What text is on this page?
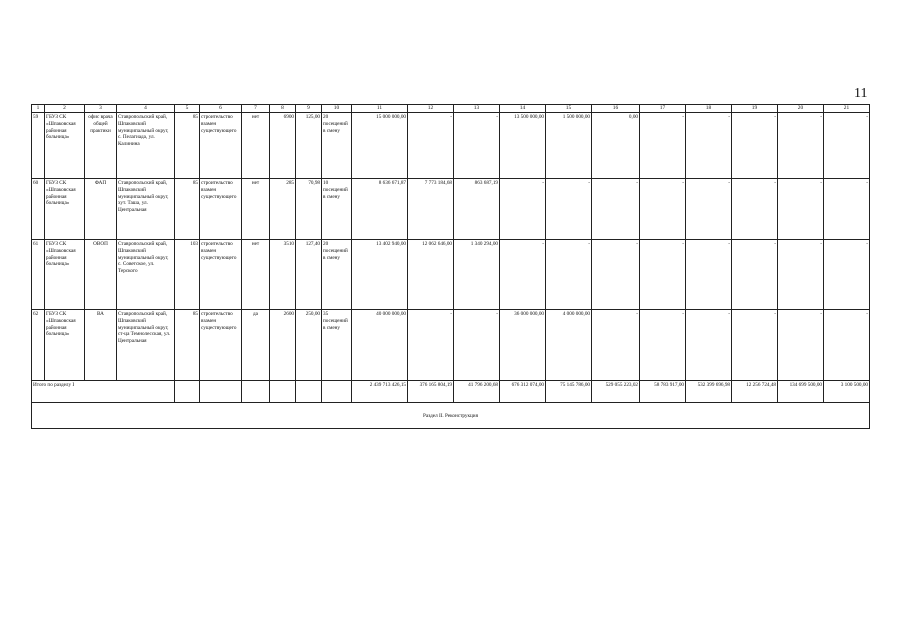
11
1	2	3	4	5	6	7	8	9	10	11	12	13	14	15	16	17	18	19	20	21
59	ГБУЗ СК «Шпаковская районная больница»	офис врача общей практики	Ставропольский край, Шпаковский муниципальный округ, с. Пелагиада, ул. Калинина	85	строительство взамен существующего	нет	6900	125,00	20 посещений в смену	15 000 000,00	-	-	13 500 000,00	1 500 000,00	0,00	-	-	-	-	-
60	ГБУЗ СК «Шпаковская районная больница»	ФАП	Ставропольский край, Шпаковский муниципальный округ, хут. Таша, ул. Центральная	85	строительство взамен существующего	нет	285	70,98	10 посещений в смену	8 636 671,87	7 773 184,68	863 687,19	-	-	-	-	-	-	-	-
61	ГБУЗ СК «Шпаковская районная больница»	ОВОП	Ставропольский край, Шпаковский муниципальный округ, с. Cоветское, ул. Терского	103	строительство взамен существующего	нет	3510	127,40	20 посещений в смену	13 402 940,00	12 062 646,00	1 340 294,00	-	-	-	-	-	-	-	-
62	ГБУЗ СК «Шпаковская районная больница»	ВА	Ставропольский край, Шпаковский муниципальный округ, ст-ца Темнолесская, ул. Центральная	85	строительство взамен существующего	да	2600	250,00	35 посещений в смену	40 000 000,00	-	-	36 000 000,00	4 000 000,00	-	-	-	-	-	-
Итого по разделу I										2 439 713 426,15	376 165 804,19	41 796 200,68	676 312 074,00	75 145 786,00	529 055 223,02	58 783 917,00	532 399 696,98	12 256 724,48	134 699 500,00	3 100 500,00
Раздел II. Реконструкция																				
